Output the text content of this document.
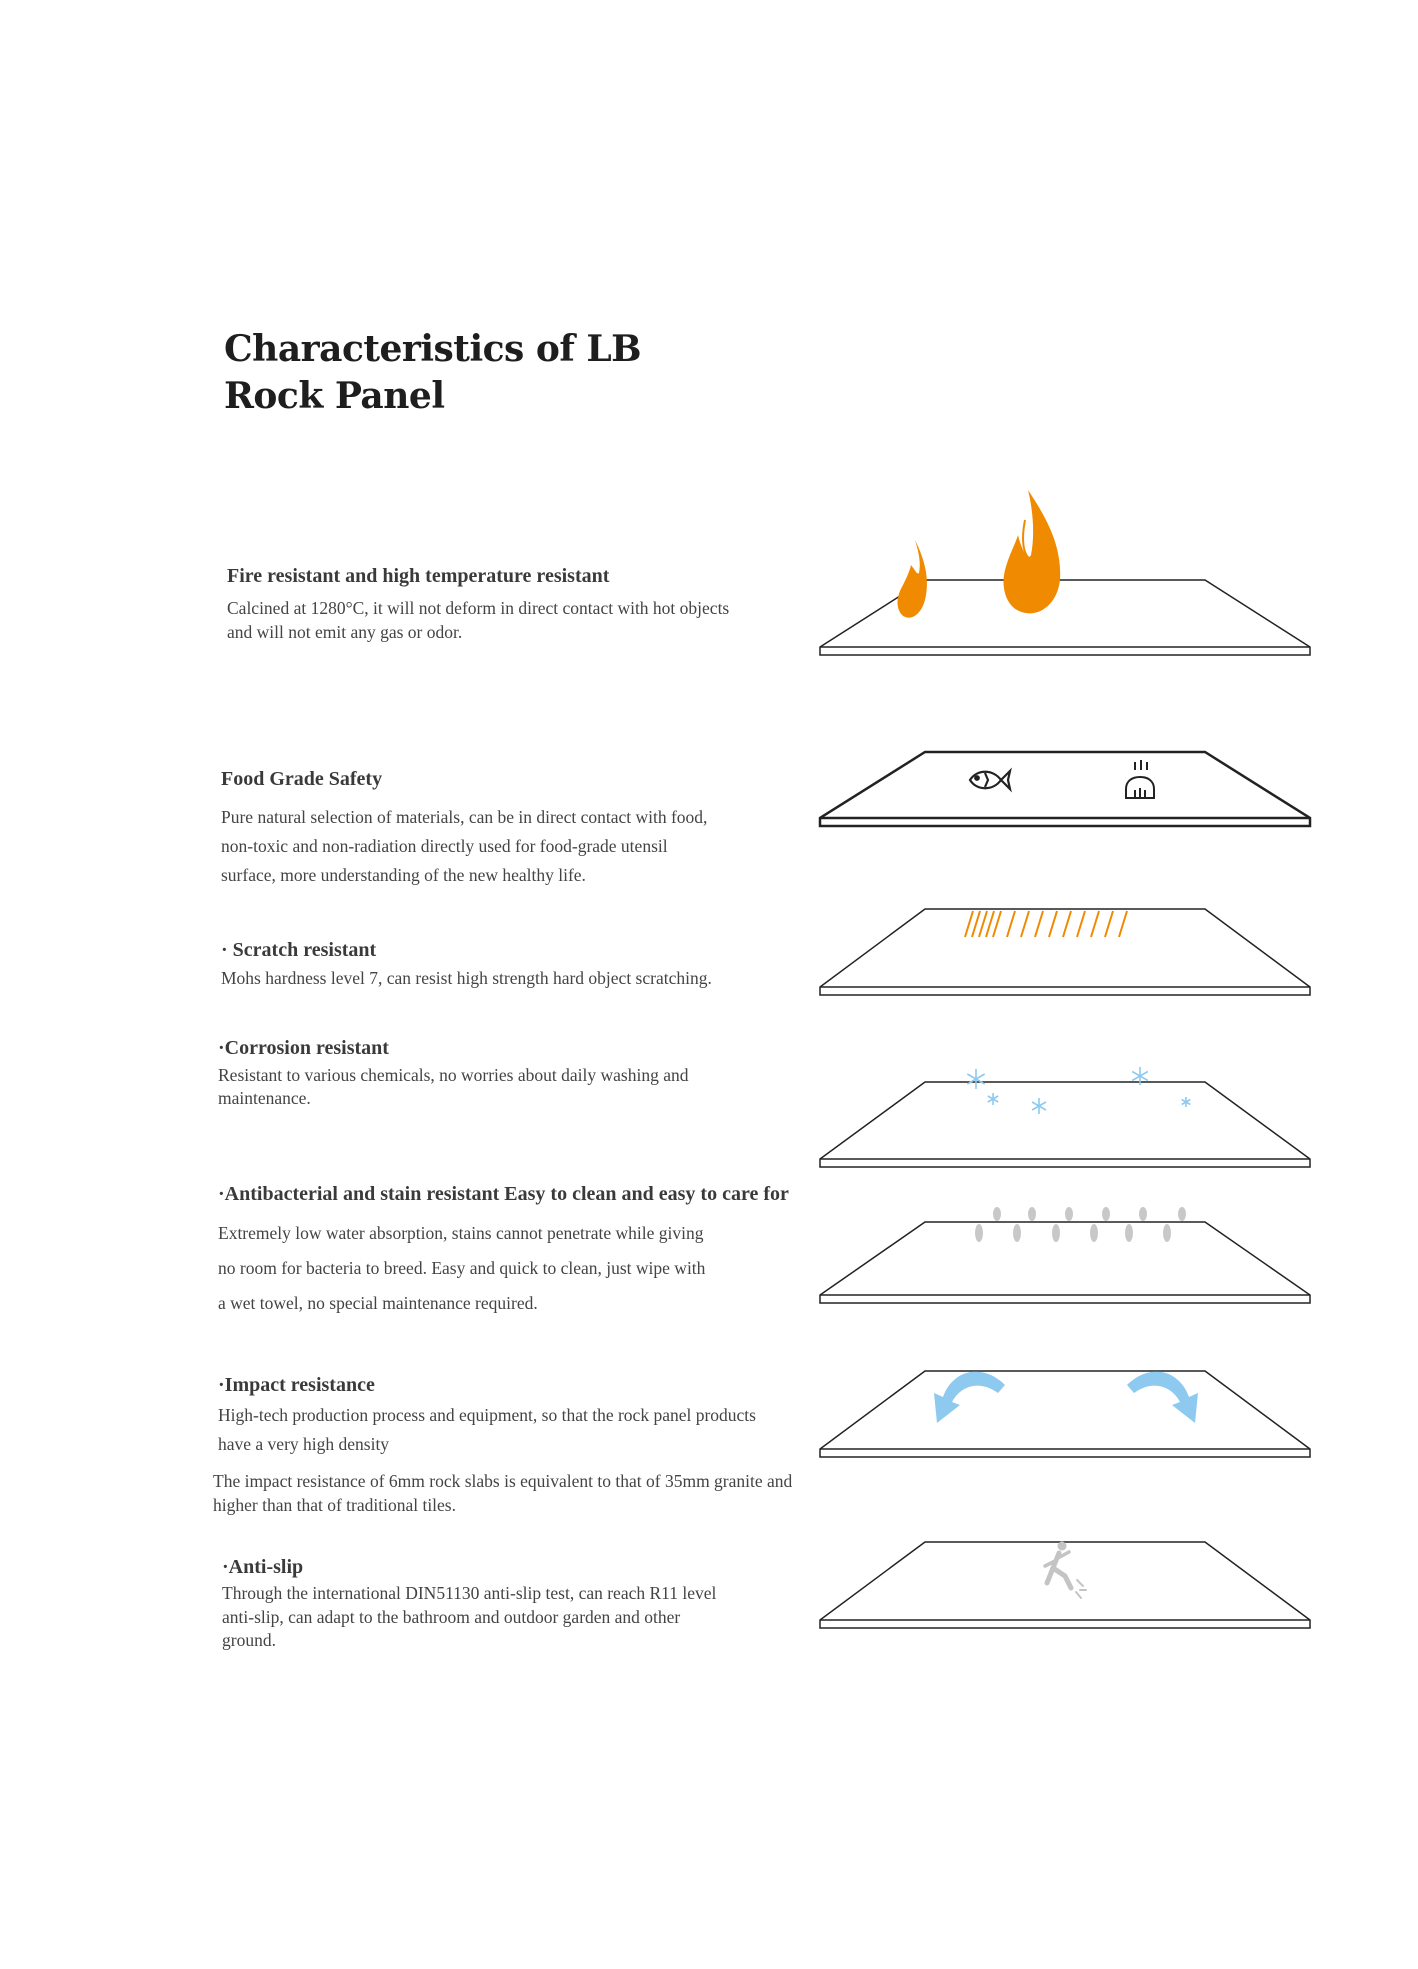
Characteristics of LB
Rock Panel
Fire resistant and high temperature resistant

Calcined at 1280°C, it will not deform in direct contact with hot objects
and will not emit any gas or odor.

Food Grade Safety

Pure natural selection of materials, can be in direct contact with food,
non-toxic and non-radiation directly used for food-grade utensil
surface, more understanding of the new healthy life.

· Scratch resistant

Mohs hardness level 7, can resist high strength hard object scratching.

·Corrosion resistant

Resistant to various chemicals, no worries about daily washing and
maintenance.

·Antibacterial and stain resistant Easy to clean and easy to care for

Extremely low water absorption, stains cannot penetrate while giving
no room for bacteria to breed. Easy and quick to clean, just wipe with
a wet towel, no special maintenance required.

·Impact resistance

High-tech production process and equipment, so that the rock panel products
have a very high density

The impact resistance of 6mm rock slabs is equivalent to that of 35mm granite and
higher than that of traditional tiles.

·Anti-slip

Through the international DIN51130 anti-slip test, can reach R11 level
anti-slip, can adapt to the bathroom and outdoor garden and other
ground.
